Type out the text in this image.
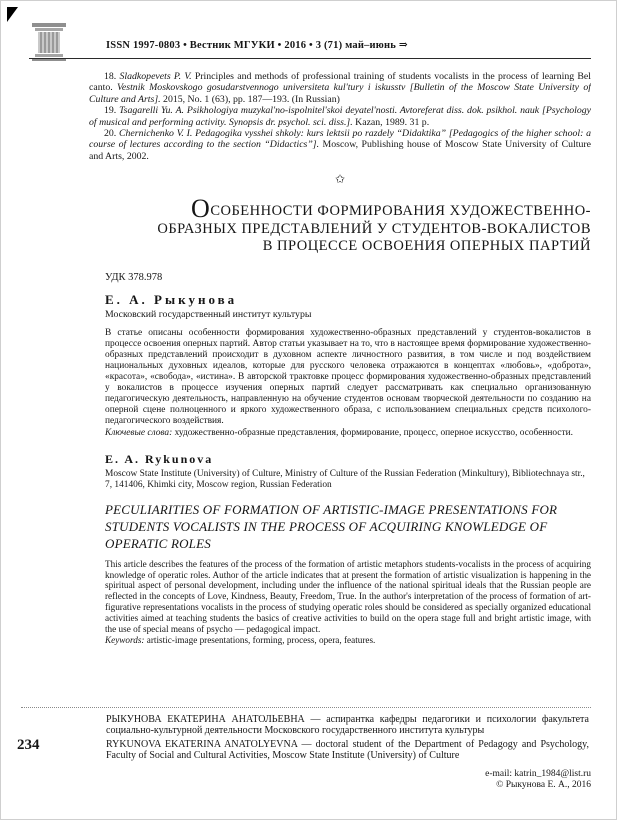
ISSN 1997-0803 • Вестник МГУКИ • 2016 • 3 (71) май–июнь ⇒

18. Sladkopevets P. V. Principles and methods of professional training of students vocalists in the process of learning Bel canto. Vestnik Moskovskogo gosudarstvennogo universiteta kul'tury i iskusstv [Bulletin of the Moscow State University of Culture and Arts]. 2015, No. 1 (63), pp. 187—193. (In Russian)

19. Tsagarelli Yu. A. Psikhologiya muzykal'no-ispolnitel'skoi deyatel'nosti. Avtoreferat diss. dok. psikhol. nauk [Psychology of musical and performing activity. Synopsis dr. psychol. sci. diss.]. Kazan, 1989. 31 p.

20. Chernichenko V. I. Pedagogika vysshei shkoly: kurs lektsii po razdely “Didaktika” [Pedagogics of the higher school: a course of lectures according to the section “Didactics”]. Moscow, Publishing house of Moscow State University of Culture and Arts, 2002.

✩
ОСОБЕННОСТИ ФОРМИРОВАНИЯ ХУДОЖЕСТВЕННО-
ОБРАЗНЫХ ПРЕДСТАВЛЕНИЙ У СТУДЕНТОВ-ВОКАЛИСТОВ
В ПРОЦЕССЕ ОСВОЕНИЯ ОПЕРНЫХ ПАРТИЙ
УДК 378.978
Е. А. Рыкунова
Московский государственный институт культуры

В статье описаны особенности формирования художественно-образных представлений у студентов-вокалистов в процессе освоения оперных партий. Автор статьи указывает на то, что в настоящее время формирование художественно-образных представлений происходит в духовном аспекте личностного развития, в том числе и под воздействием национальных духовных идеалов, которые для русского человека отражаются в концептах «любовь», «доброта», «красота», «свобода», «истина». В авторской трактовке процесс формирования художественно-образных представлений у вокалистов в процессе изучения оперных партий следует рассматривать как специально организованную педагогическую деятельность, направленную на обучение студентов основам творческой деятельности по созданию на оперной сцене полноценного и яркого художественного образа, с использованием специальных средств психолого-педагогического воздействия.

Ключевые слова: художественно-образные представления, формирование, процесс, оперное искусство, особенности.

E. A. Rykunova
Moscow State Institute (University) of Culture, Ministry of Culture of the Russian Federation (Minkultury), Bibliotechnaya str., 7, 141406, Khimki city, Moscow region, Russian Federation
PECULIARITIES OF FORMATION OF ARTISTIC-IMAGE PRESENTATIONS FOR STUDENTS VOCALISTS IN THE PROCESS OF ACQUIRING KNOWLEDGE OF OPERATIC ROLES

This article describes the features of the process of the formation of artistic metaphors students-vocalists in the process of acquiring knowledge of operatic roles. Author of the article indicates that at present the formation of artistic visualization is happening in the spiritual aspect of personal development, including under the influence of the national spiritual ideals that the Russian people are reflected in the concepts of Love, Kindness, Beauty, Freedom, True. In the author's interpretation of the process of formation of art-figurative representations vocalists in the process of studying operatic roles should be considered as specially organized educational activities aimed at teaching students the basics of creative activities to build on the opera stage full and bright artistic image, with the use of special means of psycho — pedagogical impact.

Keywords: artistic-image presentations, forming, process, opera, features.

РЫКУНОВА ЕКАТЕРИНА АНАТОЛЬЕВНА — аспирантка кафедры педагогики и психологии факультета социально-культурной деятельности Московского государственного института культуры

RYKUNOVA EKATERINA ANATOLYEVNA — doctoral student of the Department of Pedagogy and Psychology, Faculty of Social and Cultural Activities, Moscow State Institute (University) of Culture

e-mail: katrin_1984@list.ru

© Рыкунова Е. А., 2016

234
